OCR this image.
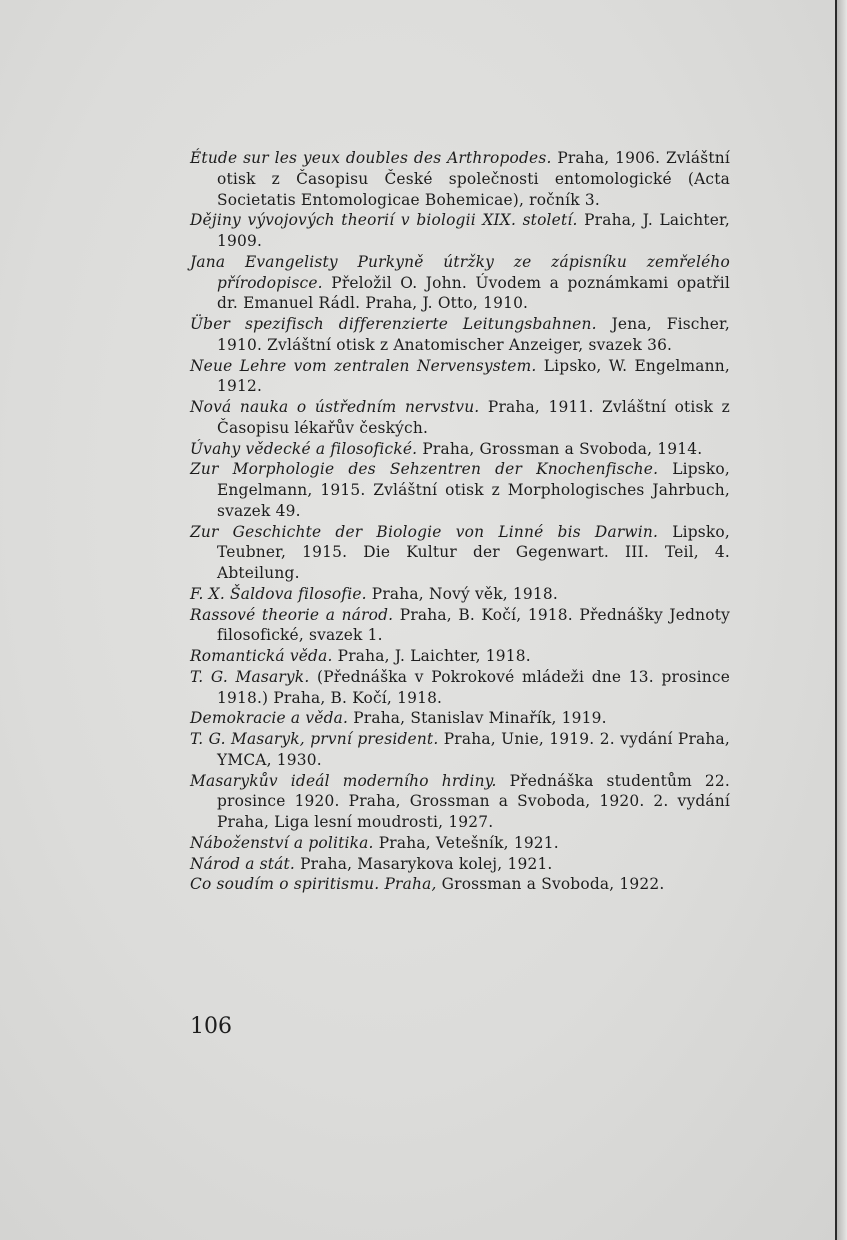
Étude sur les yeux doubles des Arthropodes. Praha, 1906. Zvláštní otisk z Časopisu České společnosti entomologické (Acta Societatis Entomologicae Bohemicae), ročník 3.

Dějiny vývojových theorií v biologii XIX. století. Praha, J. Laichter, 1909.

Jana Evangelisty Purkyně útržky ze zápisníku zemřelého přírodopisce. Přeložil O. John. Úvodem a poznámkami opatřil dr. Emanuel Rádl. Praha, J. Otto, 1910.

Über spezifisch differenzierte Leitungsbahnen. Jena, Fischer, 1910. Zvláštní otisk z Anatomischer Anzeiger, svazek 36.

Neue Lehre vom zentralen Nervensystem. Lipsko, W. Engelmann, 1912.

Nová nauka o ústředním nervstvu. Praha, 1911. Zvláštní otisk z Časopisu lékařův českých.

Úvahy vědecké a filosofické. Praha, Grossman a Svoboda, 1914.

Zur Morphologie des Sehzentren der Knochenfische. Lipsko, Engelmann, 1915. Zvláštní otisk z Morphologisches Jahrbuch, svazek 49.

Zur Geschichte der Biologie von Linné bis Darwin. Lipsko, Teubner, 1915. Die Kultur der Gegenwart. III. Teil, 4. Abteilung.

F. X. Šaldova filosofie. Praha, Nový věk, 1918.

Rassové theorie a národ. Praha, B. Kočí, 1918. Přednášky Jednoty filosofické, svazek 1.

Romantická věda. Praha, J. Laichter, 1918.

T. G. Masaryk. (Přednáška v Pokrokové mládeži dne 13. prosince 1918.) Praha, B. Kočí, 1918.

Demokracie a věda. Praha, Stanislav Minařík, 1919.

T. G. Masaryk, první president. Praha, Unie, 1919. 2. vydání Praha, YMCA, 1930.

Masarykův ideál moderního hrdiny. Přednáška studentům 22. prosince 1920. Praha, Grossman a Svoboda, 1920. 2. vydání Praha, Liga lesní moudrosti, 1927.

Náboženství a politika. Praha, Vetešník, 1921.

Národ a stát. Praha, Masarykova kolej, 1921.

Co soudím o spiritismu. Praha, Grossman a Svoboda, 1922.

106
